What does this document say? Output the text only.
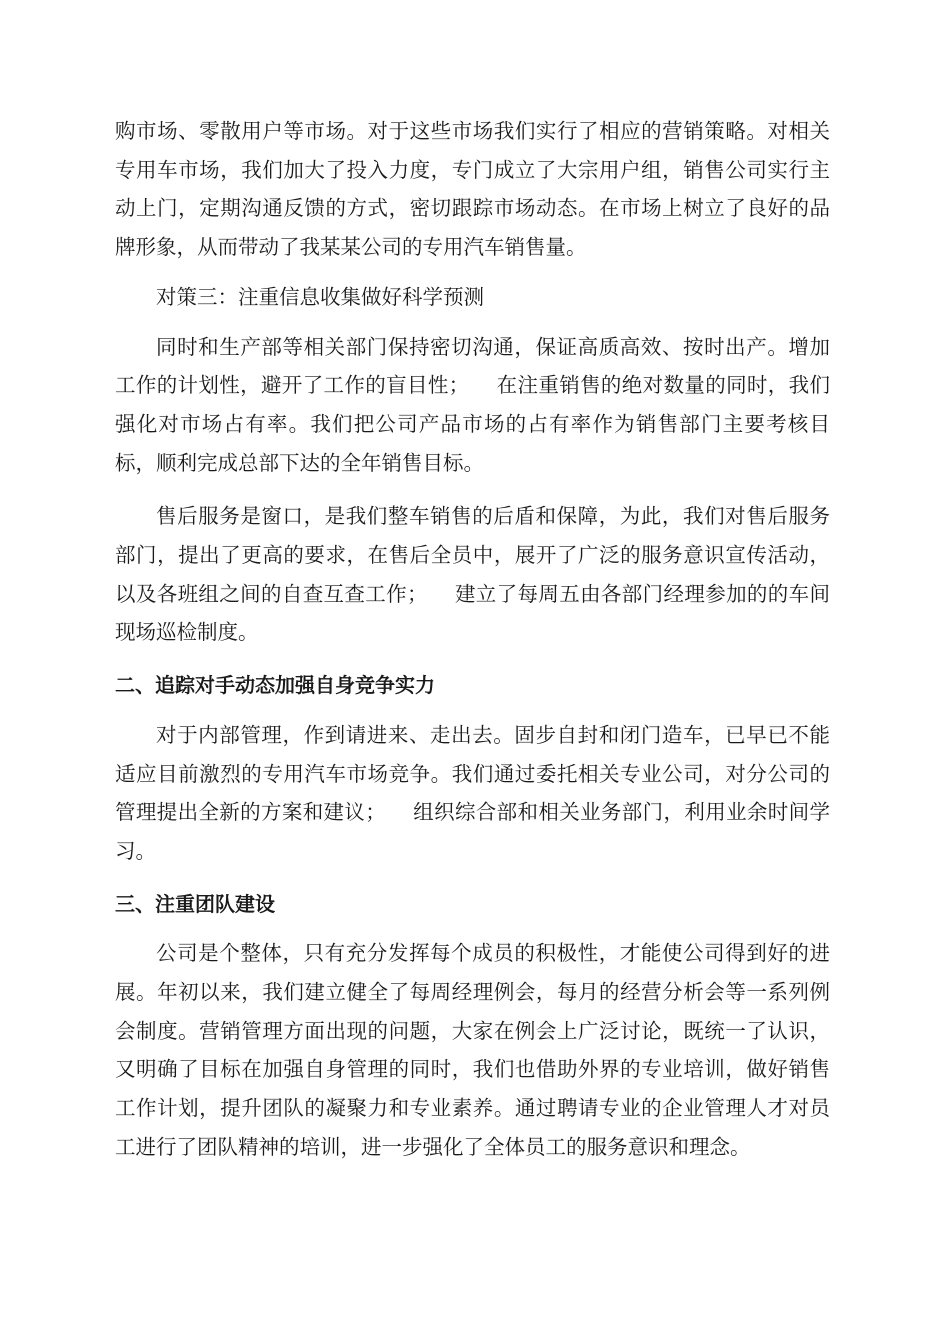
购市场、零散用户等市场。对于这些市场我们实行了相应的营销策略。对相关专用车市场，我们加大了投入力度，专门成立了大宗用户组，销售公司实行主动上门，定期沟通反馈的方式，密切跟踪市场动态。在市场上树立了良好的品牌形象，从而带动了我某某公司的专用汽车销售量。

对策三：注重信息收集做好科学预测

同时和生产部等相关部门保持密切沟通，保证高质高效、按时出产。增加工作的计划性，避开了工作的盲目性；    在注重销售的绝对数量的同时，我们强化对市场占有率。我们把公司产品市场的占有率作为销售部门主要考核目标，顺利完成总部下达的全年销售目标。

售后服务是窗口，是我们整车销售的后盾和保障，为此，我们对售后服务部门，提出了更高的要求，在售后全员中，展开了广泛的服务意识宣传活动，以及各班组之间的自查互查工作；    建立了每周五由各部门经理参加的的车间现场巡检制度。

二、追踪对手动态加强自身竞争实力

对于内部管理，作到请进来、走出去。固步自封和闭门造车，已早已不能适应目前激烈的专用汽车市场竞争。我们通过委托相关专业公司，对分公司的管理提出全新的方案和建议；    组织综合部和相关业务部门，利用业余时间学习。

三、注重团队建设

公司是个整体，只有充分发挥每个成员的积极性，才能使公司得到好的进展。年初以来，我们建立健全了每周经理例会，每月的经营分析会等一系列例会制度。营销管理方面出现的问题，大家在例会上广泛讨论，既统一了认识，又明确了目标在加强自身管理的同时，我们也借助外界的专业培训，做好销售工作计划，提升团队的凝聚力和专业素养。通过聘请专业的企业管理人才对员工进行了团队精神的培训，进一步强化了全体员工的服务意识和理念。
